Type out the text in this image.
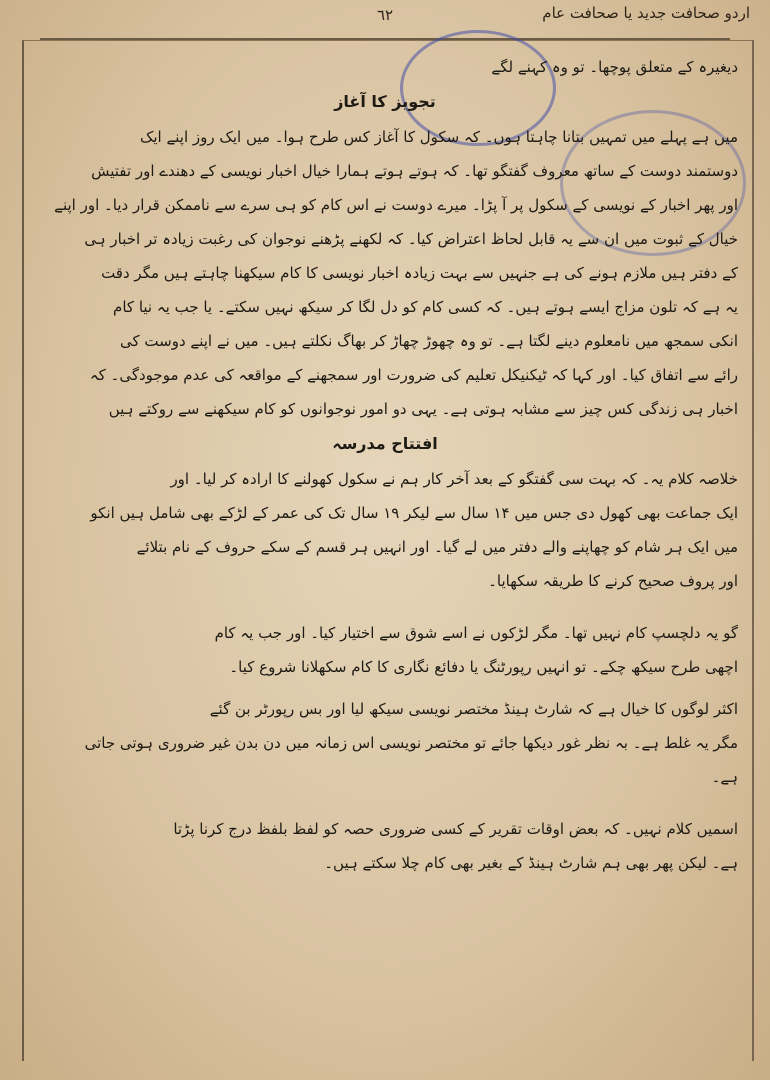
اردو صحافت جدید یا صحافت عام
٦٢
دیغیرہ کے متعلق پوچھا۔ تو وہ کہنے لگے
تجویز کا آغاز
میں ہے پہلے میں تمہیں بتانا چاہتا ہوں۔ کہ سکول کا آغاز کس طرح ہوا۔ میں ایک روز اپنے ایک
دوستمند دوست کے ساتھ معروف گفتگو تھا۔ کہ ہوتے ہوتے ہمارا خیال اخبار نویسی کے دھندے اور تفتیش
اور پھر اخبار کے نویسی کے سکول پر آ پڑا۔ میرے دوست نے اس کام کو ہی سرے سے ناممکن قرار دیا۔ اور اپنے
خیال کے ثبوت میں ان سے یہ قابل لحاظ اعتراض کیا۔ کہ لکھنے پڑھنے نوجوان کی رغبت زیادہ تر اخبار ہی
کے دفتر ہیں ملازم ہونے کی ہے جنہیں سے بہت زیادہ اخبار نویسی کا کام سیکھنا چاہتے ہیں مگر دقت
یہ ہے کہ تلون مزاج ایسے ہوتے ہیں۔ کہ کسی کام کو دل لگا کر سیکھ نہیں سکتے۔ یا جب یہ نیا کام
انکی سمجھ میں نامعلوم دینے لگتا ہے۔ تو وہ چھوڑ چھاڑ کر بھاگ نکلتے ہیں۔ میں نے اپنے دوست کی
رائے سے اتفاق کیا۔ اور کہا کہ ٹیکنیکل تعلیم کی ضرورت اور سمجھنے کے مواقعہ کی عدم موجودگی۔ کہ
اخبار ہی زندگی کس چیز سے مشابہ ہوتی ہے۔ یہی دو امور نوجوانوں کو کام سیکھنے سے روکتے ہیں
افتتاح مدرسہ
خلاصہ کلام یہ۔ کہ بہت سی گفتگو کے بعد آخر کار ہم نے سکول کھولنے کا ارادہ کر لیا۔ اور
ایک جماعت بھی کھول دی جس میں ۱۴ سال سے لیکر ۱۹ سال تک کی عمر کے لڑکے بھی شامل ہیں انکو
میں ایک ہر شام کو چھاپنے والے دفتر میں لے گیا۔ اور انہیں ہر قسم کے سکے حروف کے نام بتلائے
اور پروف صحیح کرنے کا طریقہ سکھایا۔
گو یہ دلچسپ کام نہیں تھا۔ مگر لڑکوں نے اسے شوق سے اختیار کیا۔ اور جب یہ کام
اچھی طرح سیکھ چکے۔ تو انہیں رپورٹنگ یا دفائع نگاری کا کام سکھلانا شروع کیا۔
اکثر لوگوں کا خیال ہے کہ شارٹ ہینڈ مختصر نویسی سیکھ لیا اور بس رپورٹر بن گئے
مگر یہ غلط ہے۔ بہ نظر غور دیکھا جائے تو مختصر نویسی اس زمانہ میں دن بدن غیر ضروری ہوتی جاتی
ہے۔
اسمیں کلام نہیں۔ کہ بعض اوقات تقریر کے کسی ضروری حصہ کو لفظ بلفظ درج کرنا پڑتا
ہے۔ لیکن پھر بھی ہم شارٹ ہینڈ کے بغیر بھی کام چلا سکتے ہیں۔
